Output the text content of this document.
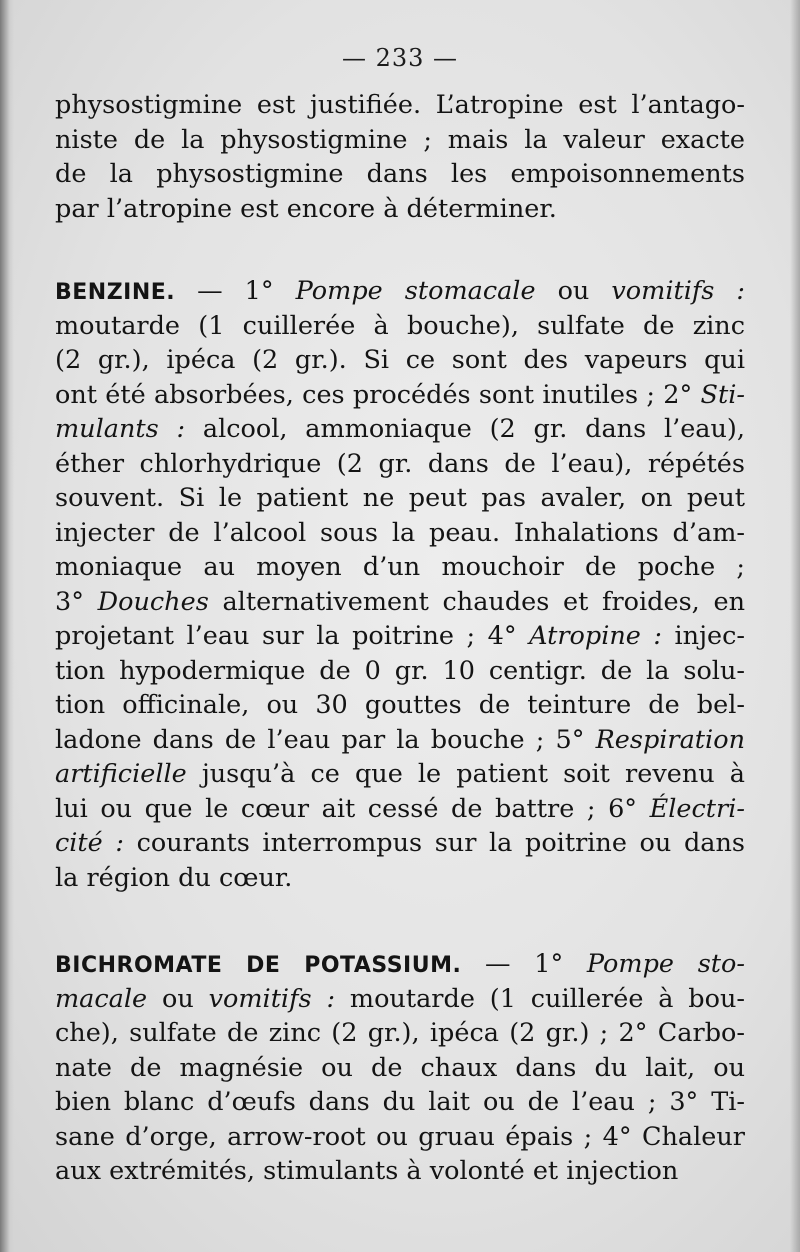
— 233 —
physostigmine est justifiée. L’atropine est l’antago-
niste de la physostigmine ; mais la valeur exacte
de la physostigmine dans les empoisonnements
par l’atropine est encore à déterminer.
BENZINE. — 1° Pompe stomacale ou vomitifs :
moutarde (1 cuillerée à bouche), sulfate de zinc
(2 gr.), ipéca (2 gr.). Si ce sont des vapeurs qui
ont été absorbées, ces procédés sont inutiles ; 2° Sti-
mulants : alcool, ammoniaque (2 gr. dans l’eau),
éther chlorhydrique (2 gr. dans de l’eau), répétés
souvent. Si le patient ne peut pas avaler, on peut
injecter de l’alcool sous la peau. Inhalations d’am-
moniaque au moyen d’un mouchoir de poche ;
3° Douches alternativement chaudes et froides, en
projetant l’eau sur la poitrine ; 4° Atropine : injec-
tion hypodermique de 0 gr. 10 centigr. de la solu-
tion officinale, ou 30 gouttes de teinture de bel-
ladone dans de l’eau par la bouche ; 5° Respiration
artificielle jusqu’à ce que le patient soit revenu à
lui ou que le cœur ait cessé de battre ; 6° Électri-
cité : courants interrompus sur la poitrine ou dans
la région du cœur.
BICHROMATE DE POTASSIUM. — 1° Pompe sto-
macale ou vomitifs : moutarde (1 cuillerée à bou-
che), sulfate de zinc (2 gr.), ipéca (2 gr.) ; 2° Carbo-
nate de magnésie ou de chaux dans du lait, ou
bien blanc d’œufs dans du lait ou de l’eau ; 3° Ti-
sane d’orge, arrow-root ou gruau épais ; 4° Chaleur
aux extrémités, stimulants à volonté et injection
